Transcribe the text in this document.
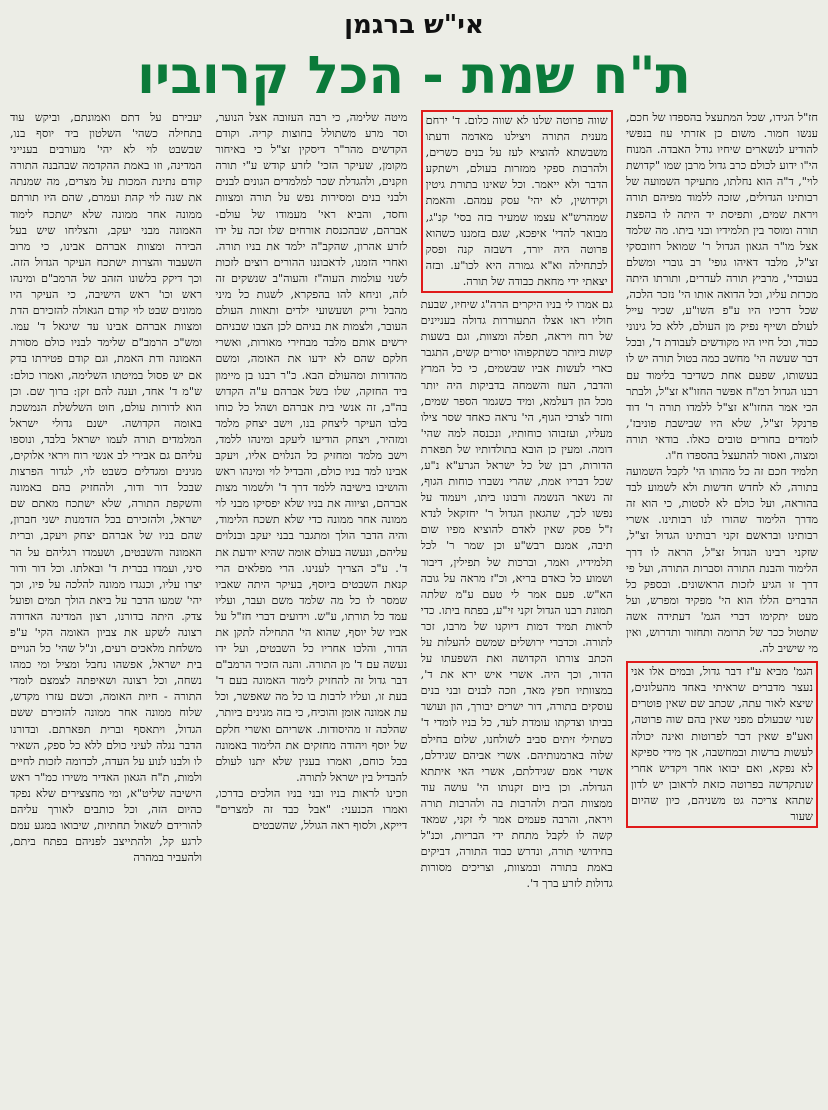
אי"ש ברגמן
ת"ח שמת - הכל קרוביו

חז"ל הגידו, שכל המתעצל בהספדו של חכם, ענשו חמור. משום כן אזרתי עוז בנפשי להודיע לנשארים שיחיו גודל האבדה. המנוח הי"ו ידוע לכולם כרב גדול מרבן שמו "קדושת לוי", ד"ה הוא נחלתו, מתעיקר השמועה של רבותינו הגדולים, שזכה ללמוד מפיהם תורה ויראת שמים, ותפיסת יד היתה לו בהפצת תורה ומוסר בין תלמידיו ובני ביתו. מה שלמד אצל מו"ר הגאון הגדול ר' שמואל רוזובסקי זצ"ל, מלבד דאיהו גופי' רב גוברי ומשלם בעובדי', מרביץ תורה לעדרים, ותורתו היתה מכרזת עליו, וכל הדואה אותו הי' נזכר הלכה, שכל דרכיו היו ע"פ השו"ע, שכיר עייל לעולם ושייף נפיק מן העולם, ללא כל גינוני כבוד, וכל חייו היו מקודשים לעבודת ד', ובכל דבר שעשה הי' מחשב כמה בטול תורה יש לו בעשותו, שפעם אחת כשדיבר בלימוד עם רבנו הגדול רמ"ח אפשר החזו"א זצ"ל, ולבתר הכי אמר החזו"א זצ"ל ללמדו תורה ר' דוד פרנקל זצ"ל, שלא היו שבישבת פוניבז', לומדים בחורים טובים כאלו. בודאי תורה ומצוה, ואסור להתעצל בהספדו ח"ו.

תלמיד חכם זה כל מהותו הי' לקבל השמועה בתורה, לא לחדש חדשות ולא לשמוע לבד בהוראה, ועל כולם לא לסטות, כי הוא זה מדרך הלימוד שהורו לנו רבותינו. אשרי רבותינו ובראשם זקני רבותינו הגדול זצ"ל, שזקני רבינו הגדול זצ"ל, הראה לו דרך הלימוד והבנת התורה וסברות התורה, ועל פי דרך זו הגיע לזכות הראשונים. ובספק כל הדברים הללו הוא הי' מפקיד ומפרש, ועל מעט יתקימו דברי הגמ' דעתידה אשה שתטול ככר של תרומה ותחזור ותדרוש, ואין מי שישיב לה.

הגמ' מביא ע"ז דבר גדול, ובמים אלו אני נעצר מדברים שראיתי באחד מהעלונים, שיצא לאור עתה, שכתב שם שאין פוטרים שנוי שבעולם מפני שאין בהם שוה פרוטה, ואע"פ שאין דבר לפרוטות ואינה יכולה לעשות ברשות ובמחשבה, אך מידי ספיקא לא נפקא, ואם יבואו אחר ויקדיש אחרי שנתקדשה בפרוטה כזאת לראובן יש לדון שתהא צריכה גט משניהם, כיון שהיום שעור

שווה פרוטה שלנו לא שווה כלום. ד' ירחם מענית התורה ויצילנו מאדמה ודעתו משבשתא להוציא לעז על בנים כשרים, ולהרבות ספקי ממזרות בעולם, וישתקע הדבר ולא ייאמר. וכל שאינו בתורת גיטין וקידושין, לא יהי' עסק עמהם. והאמת שמהרש"א עצמו שמעיר בזה בסי' קנ"ג, מבואר להדי' איפכא, שגם בזמננו כשהוא פרוטה היה יורד, דשבזה קנה ופסק לכתחילה וא"א גמורה היא לכו"ע. ובזה יצאתי ידי מחאת כבודה של תורה.

גם אמרו לי בניו היקרים הרה"ג שיחיו, שבעת חוליו ראו אצלו התעוררות גדולה בעניינים של רוח ויראה, תפלה ומצוות, וגם בשעות קשות ביותר כשתקפוהו יסורים קשים, התגבר כארי לעשות אביו שבשמים, כי כל המרץ והדבר, העוז והשמחה בדביקות היה יותר מכל הון דעלמא, ומיד כשגמר הספר שמים, וחזר לצרכי הגוף, הי' נראה כאחד שסר צילו מעליו, ועזבוהו כוחותיו, ונכנסה למה שהי' דומה. ומעין כן הובא בתולדותיו של תפארת הדורות, רבן של כל ישראל הגרע"א נ"ע, שכל דבריו אמת, שהרי נשברו כוחות הגוף, זה נשאר הנשמה ורבונו ביתו, ויעמוד על נפשו לכך, שהגאון הגדול ר' יחזקאל לנדא ז"ל פסק שאין לאדם להוציא מפיו שום תיבה, אמנם רבש"ע וכן שמר ר' לכל תלמידיו, ואמר, וברכות של תפילין, דיבור ושמוע כל כאדם בריא, וכ"ז מראה על גובה הא"ש. פעם אמר לי טעם ע"מ שלתה תמונת רבנו הגדול זקני זי"ע, בפתח ביתו. כדי לראות תמיד דמות דיוקנו של מרבו, זכר לתורה. וכדברי ירושלים שמשם להעלות על הכתב צורתו הקדושה ואת השפעתו על הדור, וכך היה. אשרי איש ירא את ד', במצוותיו חפץ מאד, וזכה לבנים ובני בנים עוסקים בתורה, דור ישרים יבורך, הון ועושר בביתו וצדקתו עומדת לעד, כל בניו לומדי ד' כשתילי זיתים סביב לשולחנו, שלום בחילם שלוה בארמנותיהם. אשרי אביהם שגידלם, אשרי אמם שגידלתם, אשרי האי איתתא הגדולה. וכן ביום זקנותו הי' עושה עוד ממצוות הבית ולהרבות בה ולהרבות תורה ויראה, והרבה פעמים אמר לי זקני, שמאד קשה לו לקבל מתחת ידי הבריות, וכנ"ל בחידושי תורה, ונדרש כבוד התורה, דביקים באמת בתורה ובמצוות, וצריכים מסורות גדולות לזרע ברך ד'.

מיטה שלימה, כי רבה העזובה אצל הנוער, וסר מרע משתולל בחוצות קריה. וקודם הקדשים מהר"ר דיסקין זצ"ל כי באיחור מקומן, שעיקר הזכי' לזרע קודש ע"י תורה וזקנים, ולהגדלת שכר למלמדים הגונים לבנים ולבני בנים ומסירות נפש על תורה ומצוות וחסד, והביא ראי' מעמודו של עולם- אברהם, שבהכנסת אורחים שלו זכה על ידו לזרע אהרון, שהקב"ה ילמד את בניו תורה. ואחרי הזמנו, לדאבוננו ההורים רוצים לזכות לשני עולמות העוה"ז והעוה"ב שנשקים זה לזה, וניחא להו בהפקרא, לשגות כל מיני מהבל וריק ושעשועי ילדים ותאוות העולם העובר, ולצמות את בניהם לכן הצבו שבניהם ירשים אותם מלבד מבחירי מאורות, ואשרי חלקם שהם לא ידעו את האומה, ומשם מהדורות ומהעולם הבא. כ"ר רבנו בן מיימון ביד החזקה, שלו בשל אברהם ע"ה הקדוש בה"ב, זה אנשי בית אברהם ושהל כל כוחו בלבו העיקר ליצחק בנו, וישב יצחק מלמד ומזהיר, ויצחק הודיעו ליעקב ומינהו ללמד, וישב מלמד ומחזיק כל הנלוים אליו, ויעקב אבינו למד בניו כולם, והבדיל לוי ומינהו ראש והושיבו בישיבה ללמד דרך ד' ולשמור מצות אברהם, וציווה את בניו שלא יפסיקו מבני לוי ממונה אחר ממונה כדי שלא תשכח הלימוד, והיה הדבר הולך ומתגבר בבני יעקב ובנלוים עליהם, ונעשה בעולם אומה שהיא יודעת את ד'. ע"כ הצריך לענינו. הרי מפלאים הרי קנאת השבטים ביוסף, בעיקר היתה שאביו שמסר לו כל מה שלמד משם ועבר, ועליו עמד כל תורתו, ע"ש. וידועים דברי חז"ל על אביו של יוסף, שהוא הי' התחילה לתקן את הדור, והלכו אחריו כל השבטים, ועל ידו נעשה עם ד' מן התורה. והנה הזכיר הרמב"ם דבר גדול זה להחזיק לימוד האמונה בעם ד' בעת זו, ועליו לרבות בו כל מה שאפשר, וכל עת אמונה אומן והוכיח, כי בזה מגינים ביותר, שהלכה זו מהיסודות. אשריהם ואשרי חלקם של יוסף ויהודה מחזקים את הלימוד באמונה בכל כוחם, ואמרו בענין שלא יתנו לעולם להבדיל בין ישראל לתורה.

וזכינו לראות בניו ובני בניו הולכים בדרכו, ואמרו הכנעני: "אבל כבד זה למצרים" דייקא, ולסוף ראה הגולל, שהשבטים

יעבירם על דתם ואמונתם, וביקש עוד בתחילה כשהי' השלטון ביד יוסף בנו, שבשבט לוי לא יהי' מעורבים בענייני המדינה, וזו באמת ההקדמה שבהבנה התורה קודם נתינת המכות על מצרים, מה שמנתה את שנה לוי קהת ועמרם, שהם היו תורתם ממונה אחר ממונה שלא ישתכח לימוד האמונה מבני יעקב, והצליחו שיש בעל הבירה ומצוות אברהם אבינו, כי מרוב השעבוד והצרות ישתכח העיקר הגדול הזה. וכך דיקק בלשונו הזהב של הרמב"ם ומינהו ראש וכו' ראש הישיבה, כי העיקר היו ממונים שבט לוי קודם הגאולה להזכירם הדת ומצוות אברהם אבינו עד שיגאל ד' עמו. ומש"כ הרמב"ם שלימד לבניו כולם מסורת האמונה ודת האמת, וגם קודם פטירתו בדק אם יש פסול במיטתו השלימה, ואמרו כולם: ש"מ ד' אחד, וענה להם זקן: ברוך שם. וכן הוא לדורות עולם, חוט השלשלת הנמשכת באומה הקדושה. ישנם גדולי ישראל המלמדים תורה לעמו ישראל בלבד, ונוספו עליהם גם אבירי לב אנשי רוח ויראי אלוקים, מגינים ומגדלים כשבט לוי, לגדור הפרצות שבכל דור ודור, ולהחזיק בהם באמונה והשקפת התורה, שלא ישתכח מאתם שם ישראל, ולהזכירם בכל הזדמנות ישני חברון, שהם בניו של אברהם יצחק ויעקב, וברית האמונה והשבטים, ושעמדו רגליהם על הר סיני, ועמדו בברית ד' ובאלתו. וכל דור ודור יצרו עליו, וכנגדו ממונה להלכה על פיו, וכך יהי' שמעו הדבר על ביאת הולך תמים ופועל צדק. היתה בדורנו, רצון המדינה האדודה רצונה לשקע את צביון האומה הקי' ע"פ משלחת מלאכים רעים, ונ"ל שהי' כל הגויים בית ישראל, אפשהו נחבל ומציל ומי כמהו נשחה, וכל רצונה ושאיפתה לצמצם לומדי התורה - חיות האומה, וכשם עזרו מקדש, שלוח ממונה אחר ממונה להזכירם ששם הגדול, ויתאסף וברית תפארתם. ובדורנו הדבר נגלה לעיני כולם ללא כל ספק, השאיר לו ולבנו לנוע על העדה, לכדומה לזכות לחיים ולמות, ת"ח הגאון האדיר משירו כמ"ר ראש הישיבה שליט"א, ומי מחצצירים שלא נפקד כהיום הזה, וכל כותבים לאורך עליהם להורידם לשאול תחתיות, שיבואו במגע עמם לרגע קל, ולהתייצב לפניהם בפתח ביתם, ולהעביר במהרה
